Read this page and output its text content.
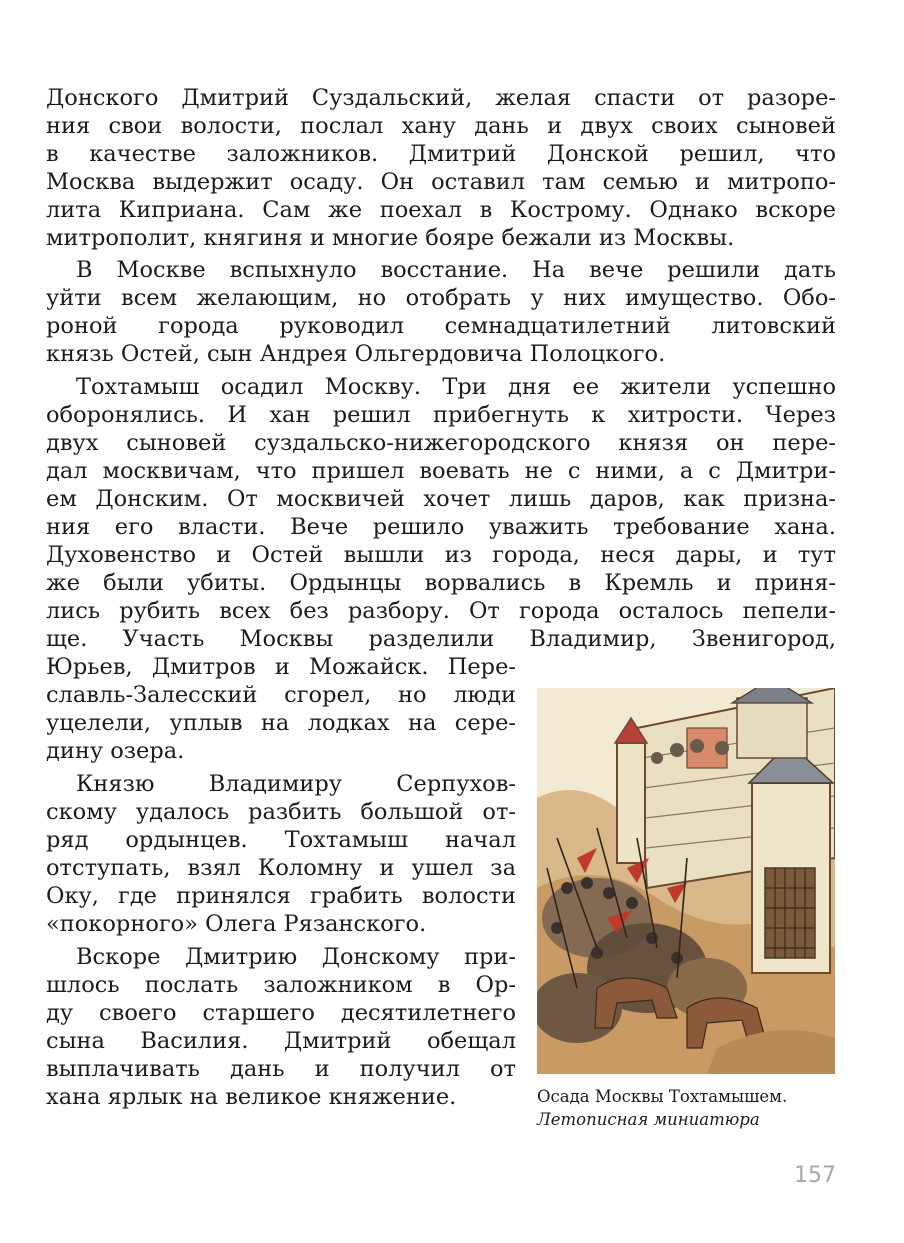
Донского Дмитрий Суздальский, желая спасти от разоре-
ния свои волости, послал хану дань и двух своих сыновей
в качестве заложников. Дмитрий Донской решил, что
Москва выдержит осаду. Он оставил там семью и митропо-
лита Киприана. Сам же поехал в Кострому. Однако вскоре
митрополит, княгиня и многие бояре бежали из Москвы.
В Москве вспыхнуло восстание. На вече решили дать
уйти всем желающим, но отобрать у них имущество. Обо-
роной города руководил семнадцатилетний литовский
князь Остей, сын Андрея Ольгердовича Полоцкого.
Тохтамыш осадил Москву. Три дня ее жители успешно
оборонялись. И хан решил прибегнуть к хитрости. Через
двух сыновей суздальско-нижегородского князя он пере-
дал москвичам, что пришел воевать не с ними, а с Дмитри-
ем Донским. От москвичей хочет лишь даров, как призна-
ния его власти. Вече решило уважить требование хана.
Духовенство и Остей вышли из города, неся дары, и тут
же были убиты. Ордынцы ворвались в Кремль и приня-
лись рубить всех без разбору. От города осталось пепели-
ще. Участь Москвы разделили Владимир, Звенигород,
Юрьев, Дмитров и Можайск. Пере-
славль-Залесский сгорел, но люди
уцелели, уплыв на лодках на сере-
дину озера.
Князю Владимиру Серпухов-
скому удалось разбить большой от-
ряд ордынцев. Тохтамыш начал
отступать, взял Коломну и ушел за
Оку, где принялся грабить волости
«покорного» Олега Рязанского.
Вскоре Дмитрию Донскому при-
шлось послать заложником в Ор-
ду своего старшего десятилетнего
сына Василия. Дмитрий обещал
выплачивать дань и получил от
хана ярлык на великое княжение.	Осада Москвы Тохтамышем.
Летописная миниатюра
157
